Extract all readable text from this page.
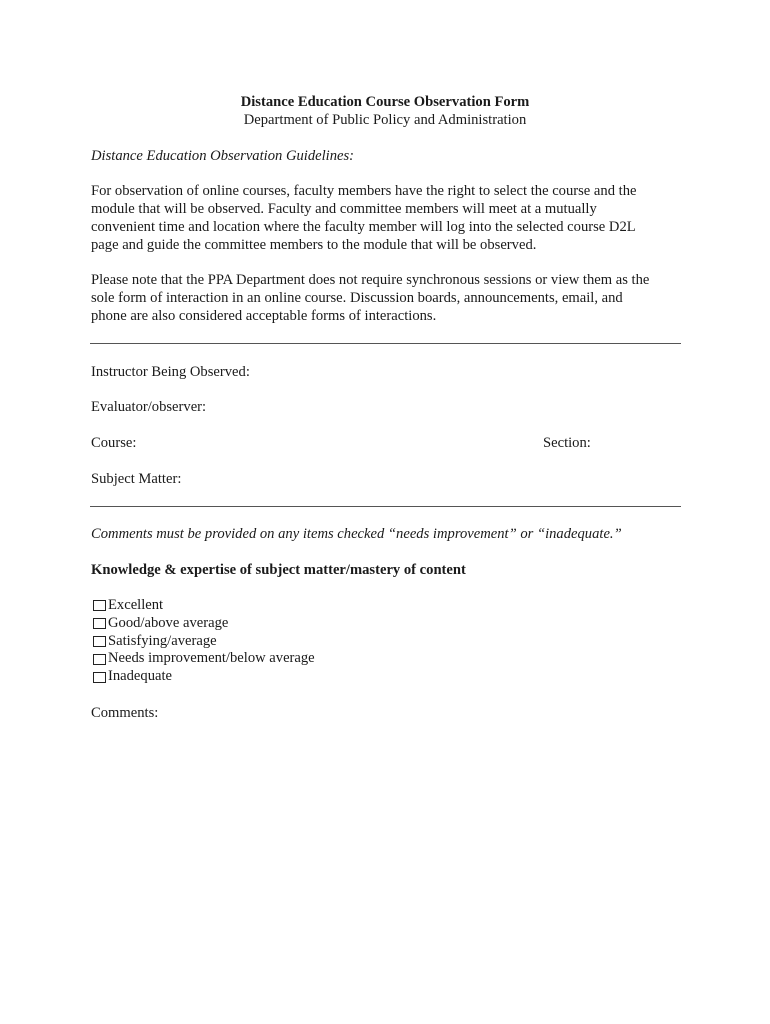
Distance Education Course Observation Form
Department of Public Policy and Administration
Distance Education Observation Guidelines:
For observation of online courses, faculty members have the right to select the course and the
module that will be observed. Faculty and committee members will meet at a mutually
convenient time and location where the faculty member will log into the selected course D2L
page and guide the committee members to the module that will be observed.
Please note that the PPA Department does not require synchronous sessions or view them as the
sole form of interaction in an online course. Discussion boards, announcements, email, and
phone are also considered acceptable forms of interactions.
Instructor Being Observed:
Evaluator/observer:
Course:	Section:
Subject Matter:
Comments must be provided on any items checked “needs improvement” or “inadequate.”
Knowledge & expertise of subject matter/mastery of content
Excellent
Good/above average
Satisfying/average
Needs improvement/below average
Inadequate
Comments:
